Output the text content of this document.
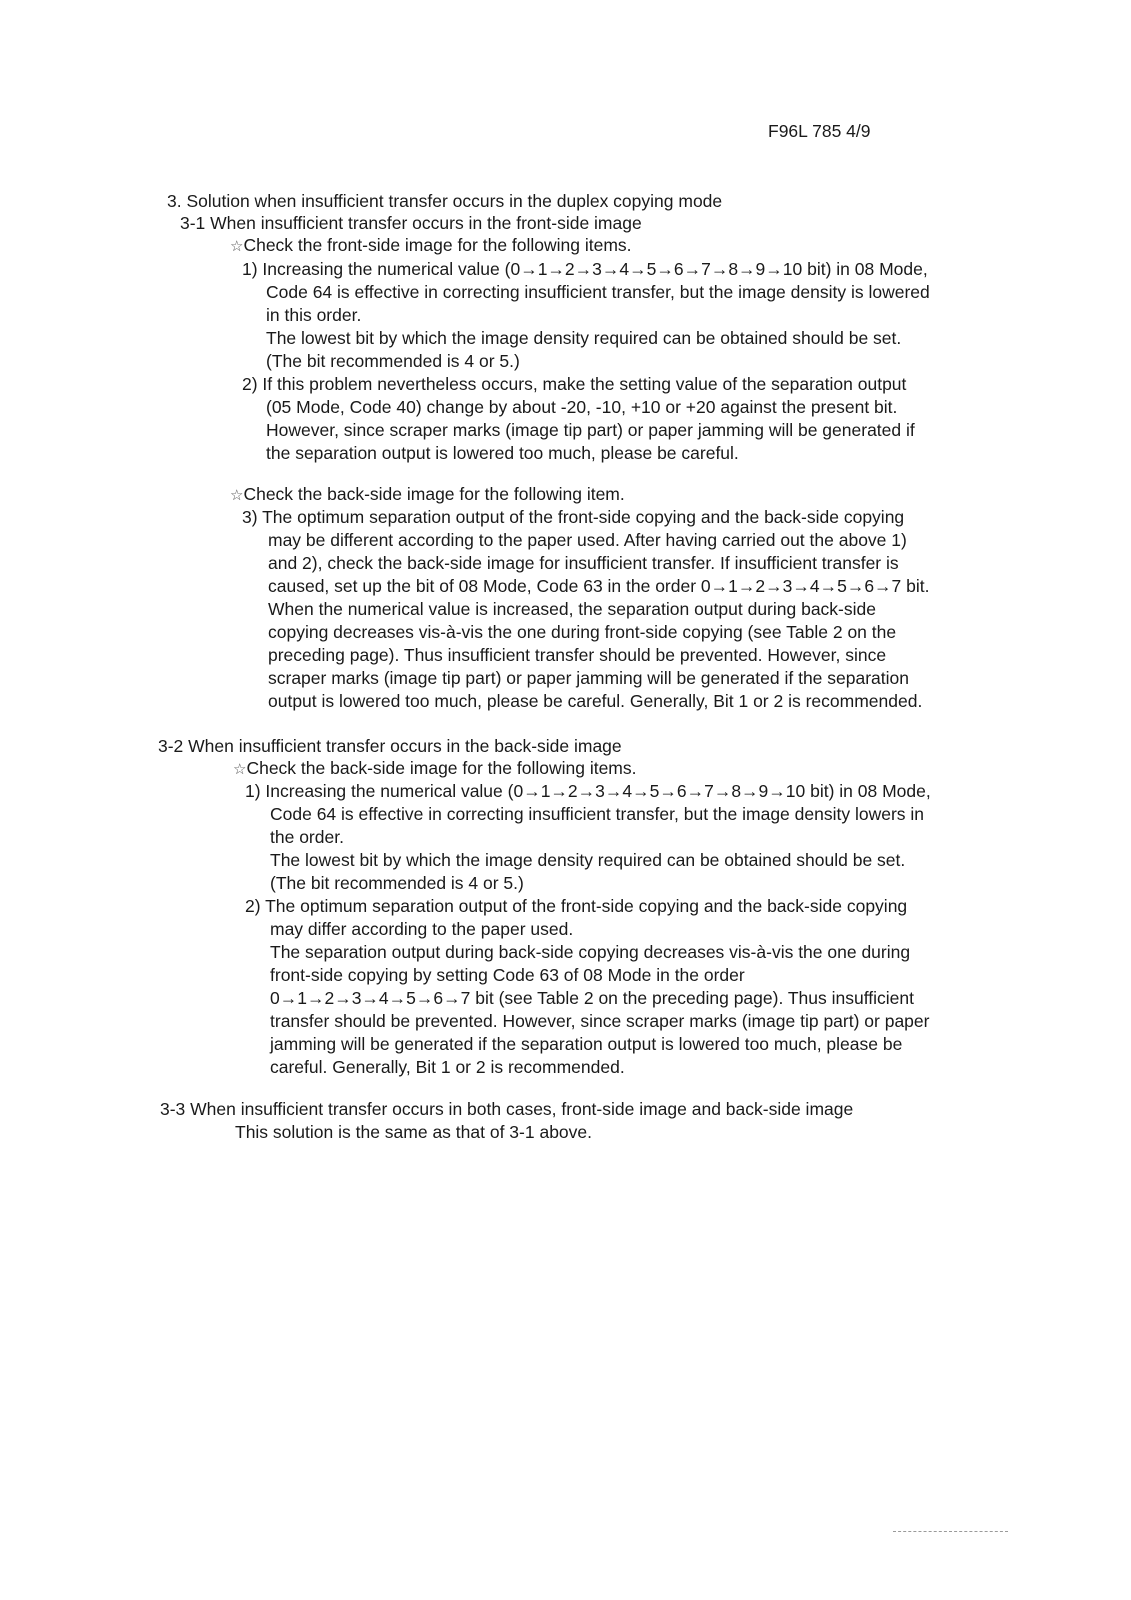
F96L 785 4/9
3. Solution when insufficient transfer occurs in the duplex copying mode
3-1 When insufficient transfer occurs in the front-side image
☆Check the front-side image for the following items.
1) Increasing the numerical value (0→1→2→3→4→5→6→7→8→9→10 bit) in 08 Mode,
Code 64 is effective in correcting insufficient transfer, but the image density is lowered
in this order.
The lowest bit by which the image density required can be obtained should be set.
(The bit recommended is 4 or 5.)
2) If this problem nevertheless occurs, make the setting value of the separation output
(05 Mode, Code 40) change by about -20, -10, +10 or +20 against the present bit.
However, since scraper marks (image tip part) or paper jamming will be generated if
the separation output is lowered too much, please be careful.
☆Check the back-side image for the following item.
3) The optimum separation output of the front-side copying and the back-side copying
may be different according to the paper used. After having carried out the above 1)
and 2), check the back-side image for insufficient transfer. If insufficient transfer is
caused, set up the bit of 08 Mode, Code 63 in the order 0→1→2→3→4→5→6→7 bit.
When the numerical value is increased, the separation output during back-side
copying decreases vis-à-vis the one during front-side copying (see Table 2 on the
preceding page). Thus insufficient transfer should be prevented. However, since
scraper marks (image tip part) or paper jamming will be generated if the separation
output is lowered too much, please be careful. Generally, Bit 1 or 2 is recommended.
3-2 When insufficient transfer occurs in the back-side image
☆Check the back-side image for the following items.
1) Increasing the numerical value (0→1→2→3→4→5→6→7→8→9→10 bit) in 08 Mode,
Code 64 is effective in correcting insufficient transfer, but the image density lowers in
the order.
The lowest bit by which the image density required can be obtained should be set.
(The bit recommended is 4 or 5.)
2) The optimum separation output of the front-side copying and the back-side copying
may differ according to the paper used.
The separation output during back-side copying decreases vis-à-vis the one during
front-side copying by setting Code 63 of 08 Mode in the order
0→1→2→3→4→5→6→7 bit (see Table 2 on the preceding page). Thus insufficient
transfer should be prevented. However, since scraper marks (image tip part) or paper
jamming will be generated if the separation output is lowered too much, please be
careful. Generally, Bit 1 or 2 is recommended.
3-3 When insufficient transfer occurs in both cases, front-side image and back-side image
This solution is the same as that of 3-1 above.
